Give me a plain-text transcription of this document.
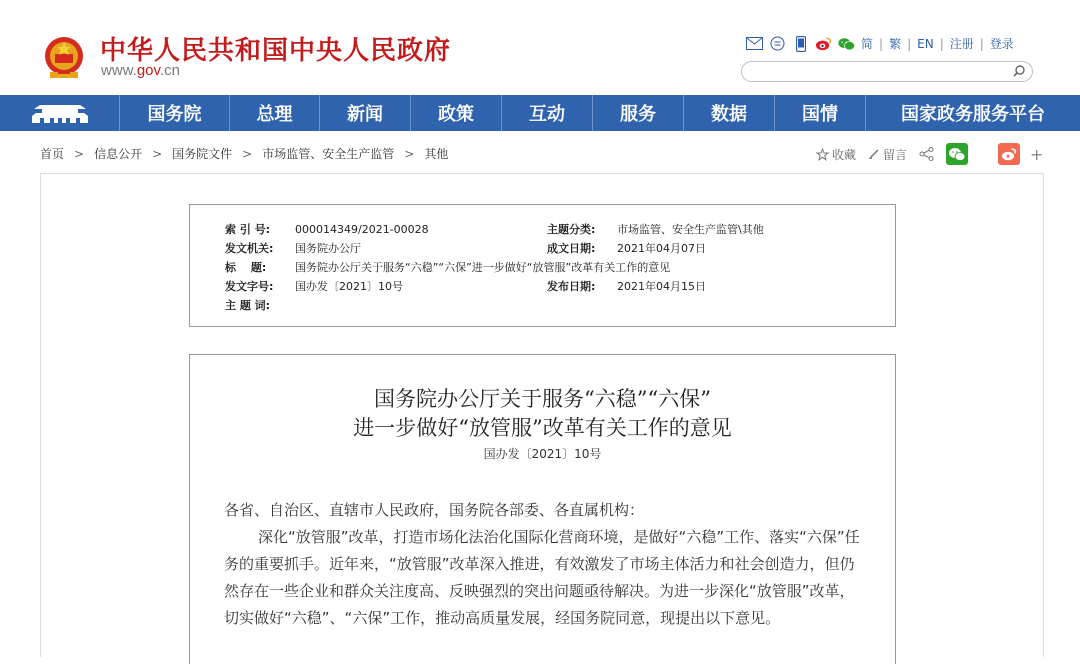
中华人民共和国中央人民政府
www.gov.cn
简 | 繁 | EN | 注册 | 登录
国务院	总理	新闻	政策	互动	服务	数据	国情	国家政务服务平台
首页 > 信息公开 > 国务院文件 > 市场监管、安全生产监管 > 其他	收藏 留言	+
索 引 号: 000014349/2021-00028	主题分类: 市场监管、安全生产监管\其他
发文机关: 国务院办公厅	成文日期: 2021年04月07日
标　 题:	国务院办公厅关于服务“六稳”“六保”进一步做好“放管服”改革有关工作的意见
发文字号: 国办发〔2021〕10号	发布日期: 2021年04月15日
主 题 词:
国务院办公厅关于服务“六稳”“六保”
进一步做好“放管服”改革有关工作的意见
国办发〔2021〕10号

各省、自治区、直辖市人民政府，国务院各部委、各直属机构：

深化“放管服”改革，打造市场化法治化国际化营商环境，是做好“六稳”工作、落实“六保”任务的重要抓手。近年来，“放管服”改革深入推进，有效激发了市场主体活力和社会创造力，但仍然存在一些企业和群众关注度高、反映强烈的突出问题亟待解决。为进一步深化“放管服”改革，切实做好“六稳”、“六保”工作，推动高质量发展，经国务院同意，现提出以下意见。
